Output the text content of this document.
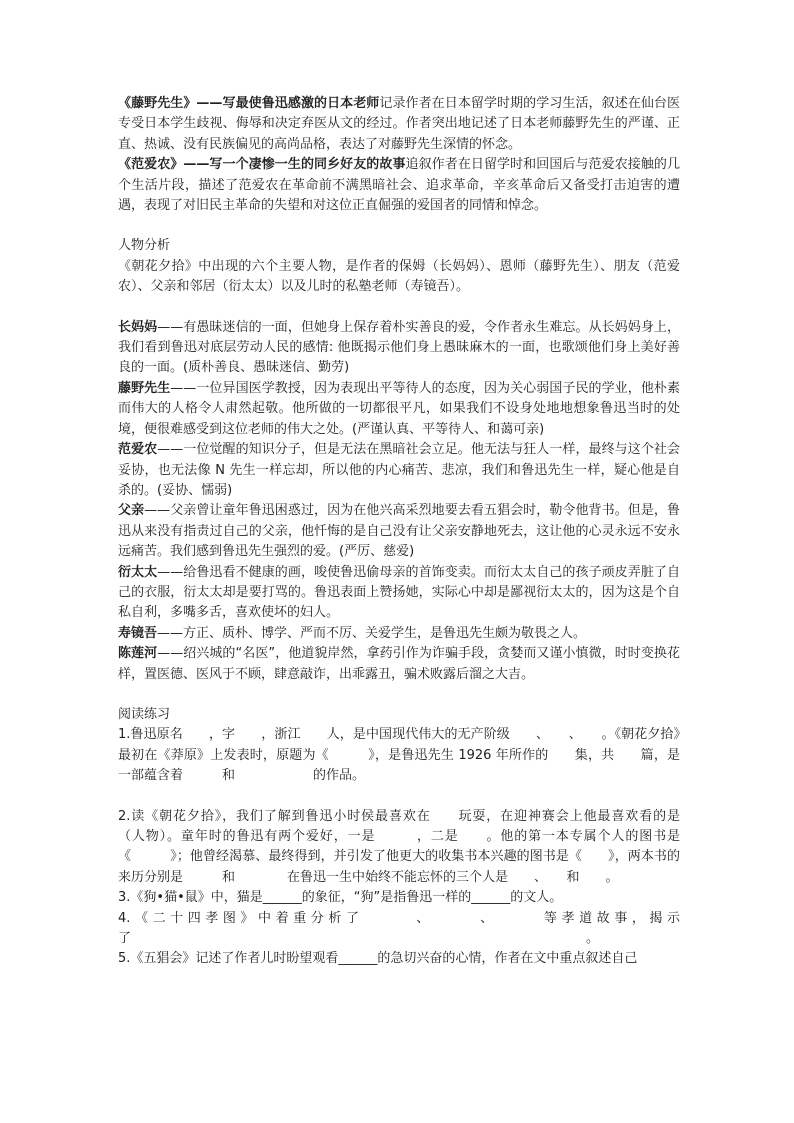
《藤野先生》——写最使鲁迅感激的日本老师记录作者在日本留学时期的学习生活，叙述在仙台医专受日本学生歧视、侮辱和决定弃医从文的经过。作者突出地记述了日本老师藤野先生的严谨、正直、热诚、没有民族偏见的高尚品格，表达了对藤野先生深情的怀念。

《范爱农》——写一个凄惨一生的同乡好友的故事追叙作者在日留学时和回国后与范爱农接触的几个生活片段，描述了范爱农在革命前不满黑暗社会、追求革命，辛亥革命后又备受打击迫害的遭遇，表现了对旧民主革命的失望和对这位正直倔强的爱国者的同情和悼念。

人物分析

《朝花夕拾》中出现的六个主要人物，是作者的保姆（长妈妈）、恩师（藤野先生）、朋友（范爱农）、父亲和邻居（衍太太）以及儿时的私塾老师（寿镜吾）。

长妈妈——有愚昧迷信的一面，但她身上保存着朴实善良的爱，令作者永生难忘。从长妈妈身上，我们看到鲁迅对底层劳动人民的感情: 他既揭示他们身上愚昧麻木的一面，也歌颂他们身上美好善良的一面。(质朴善良、愚昧迷信、勤劳)

藤野先生——一位异国医学教授，因为表现出平等待人的态度，因为关心弱国子民的学业，他朴素而伟大的人格令人肃然起敬。他所做的一切都很平凡，如果我们不设身处地地想象鲁迅当时的处境，便很难感受到这位老师的伟大之处。(严谨认真、平等待人、和蔼可亲)

范爱农——一位觉醒的知识分子，但是无法在黑暗社会立足。他无法与狂人一样，最终与这个社会妥协，也无法像 N 先生一样忘却，所以他的内心痛苦、悲凉，我们和鲁迅先生一样，疑心他是自杀的。(妥协、懦弱)

父亲——父亲曾让童年鲁迅困惑过，因为在他兴高采烈地要去看五猖会时，勒令他背书。但是，鲁迅从来没有指责过自己的父亲，他忏悔的是自己没有让父亲安静地死去，这让他的心灵永远不安永远痛苦。我们感到鲁迅先生强烈的爱。(严厉、慈爱)

衍太太——给鲁迅看不健康的画，唆使鲁迅偷母亲的首饰变卖。而衍太太自己的孩子顽皮弄脏了自己的衣服，衍太太却是要打骂的。鲁迅表面上赞扬她，实际心中却是鄙视衍太太的，因为这是个自私自利，多嘴多舌，喜欢使坏的妇人。

寿镜吾——方正、质朴、博学、严而不厉、关爱学生，是鲁迅先生颇为敬畏之人。

陈莲河——绍兴城的“名医”，他道貌岸然，拿药引作为诈骗手段，贪婪而又谨小慎微，时时变换花样，置医德、医风于不顾，肆意敲诈，出乖露丑，骗术败露后溜之大吉。

阅读练习

1.鲁迅原名　　，字　　，浙江　　人，是中国现代伟大的无产阶级　　、　　、　　。《朝花夕拾》最初在《莽原》上发表时，原题为《　　　》，是鲁迅先生 1926 年所作的　　集，共　　篇，是一部蕴含着　　　和　　　　　　的作品。

2.读《朝花夕拾》，我们了解到鲁迅小时侯最喜欢在　　玩耍，在迎神赛会上他最喜欢看的是　　（人物）。童年时的鲁迅有两个爱好，一是　　　，二是　　。他的第一本专属个人的图书是《　　　》；他曾经渴慕、最终得到，并引发了他更大的收集书本兴趣的图书是《　　》，两本书的来历分别是　　　和　　　　在鲁迅一生中始终不能忘怀的三个人是　　、　　和　　。

3.《狗•猫•鼠》中，猫是______的象征，“狗”是指鲁迅一样的______的文人。

4.《二十四孝图》中着重分析了　　　、　　　、　　　等孝道故事，揭示了　　　　　　　　　　　　　　　　　　　　　　　　　　　　　　　　　　　。

5.《五猖会》记述了作者儿时盼望观看______的急切兴奋的心情，作者在文中重点叙述自己
